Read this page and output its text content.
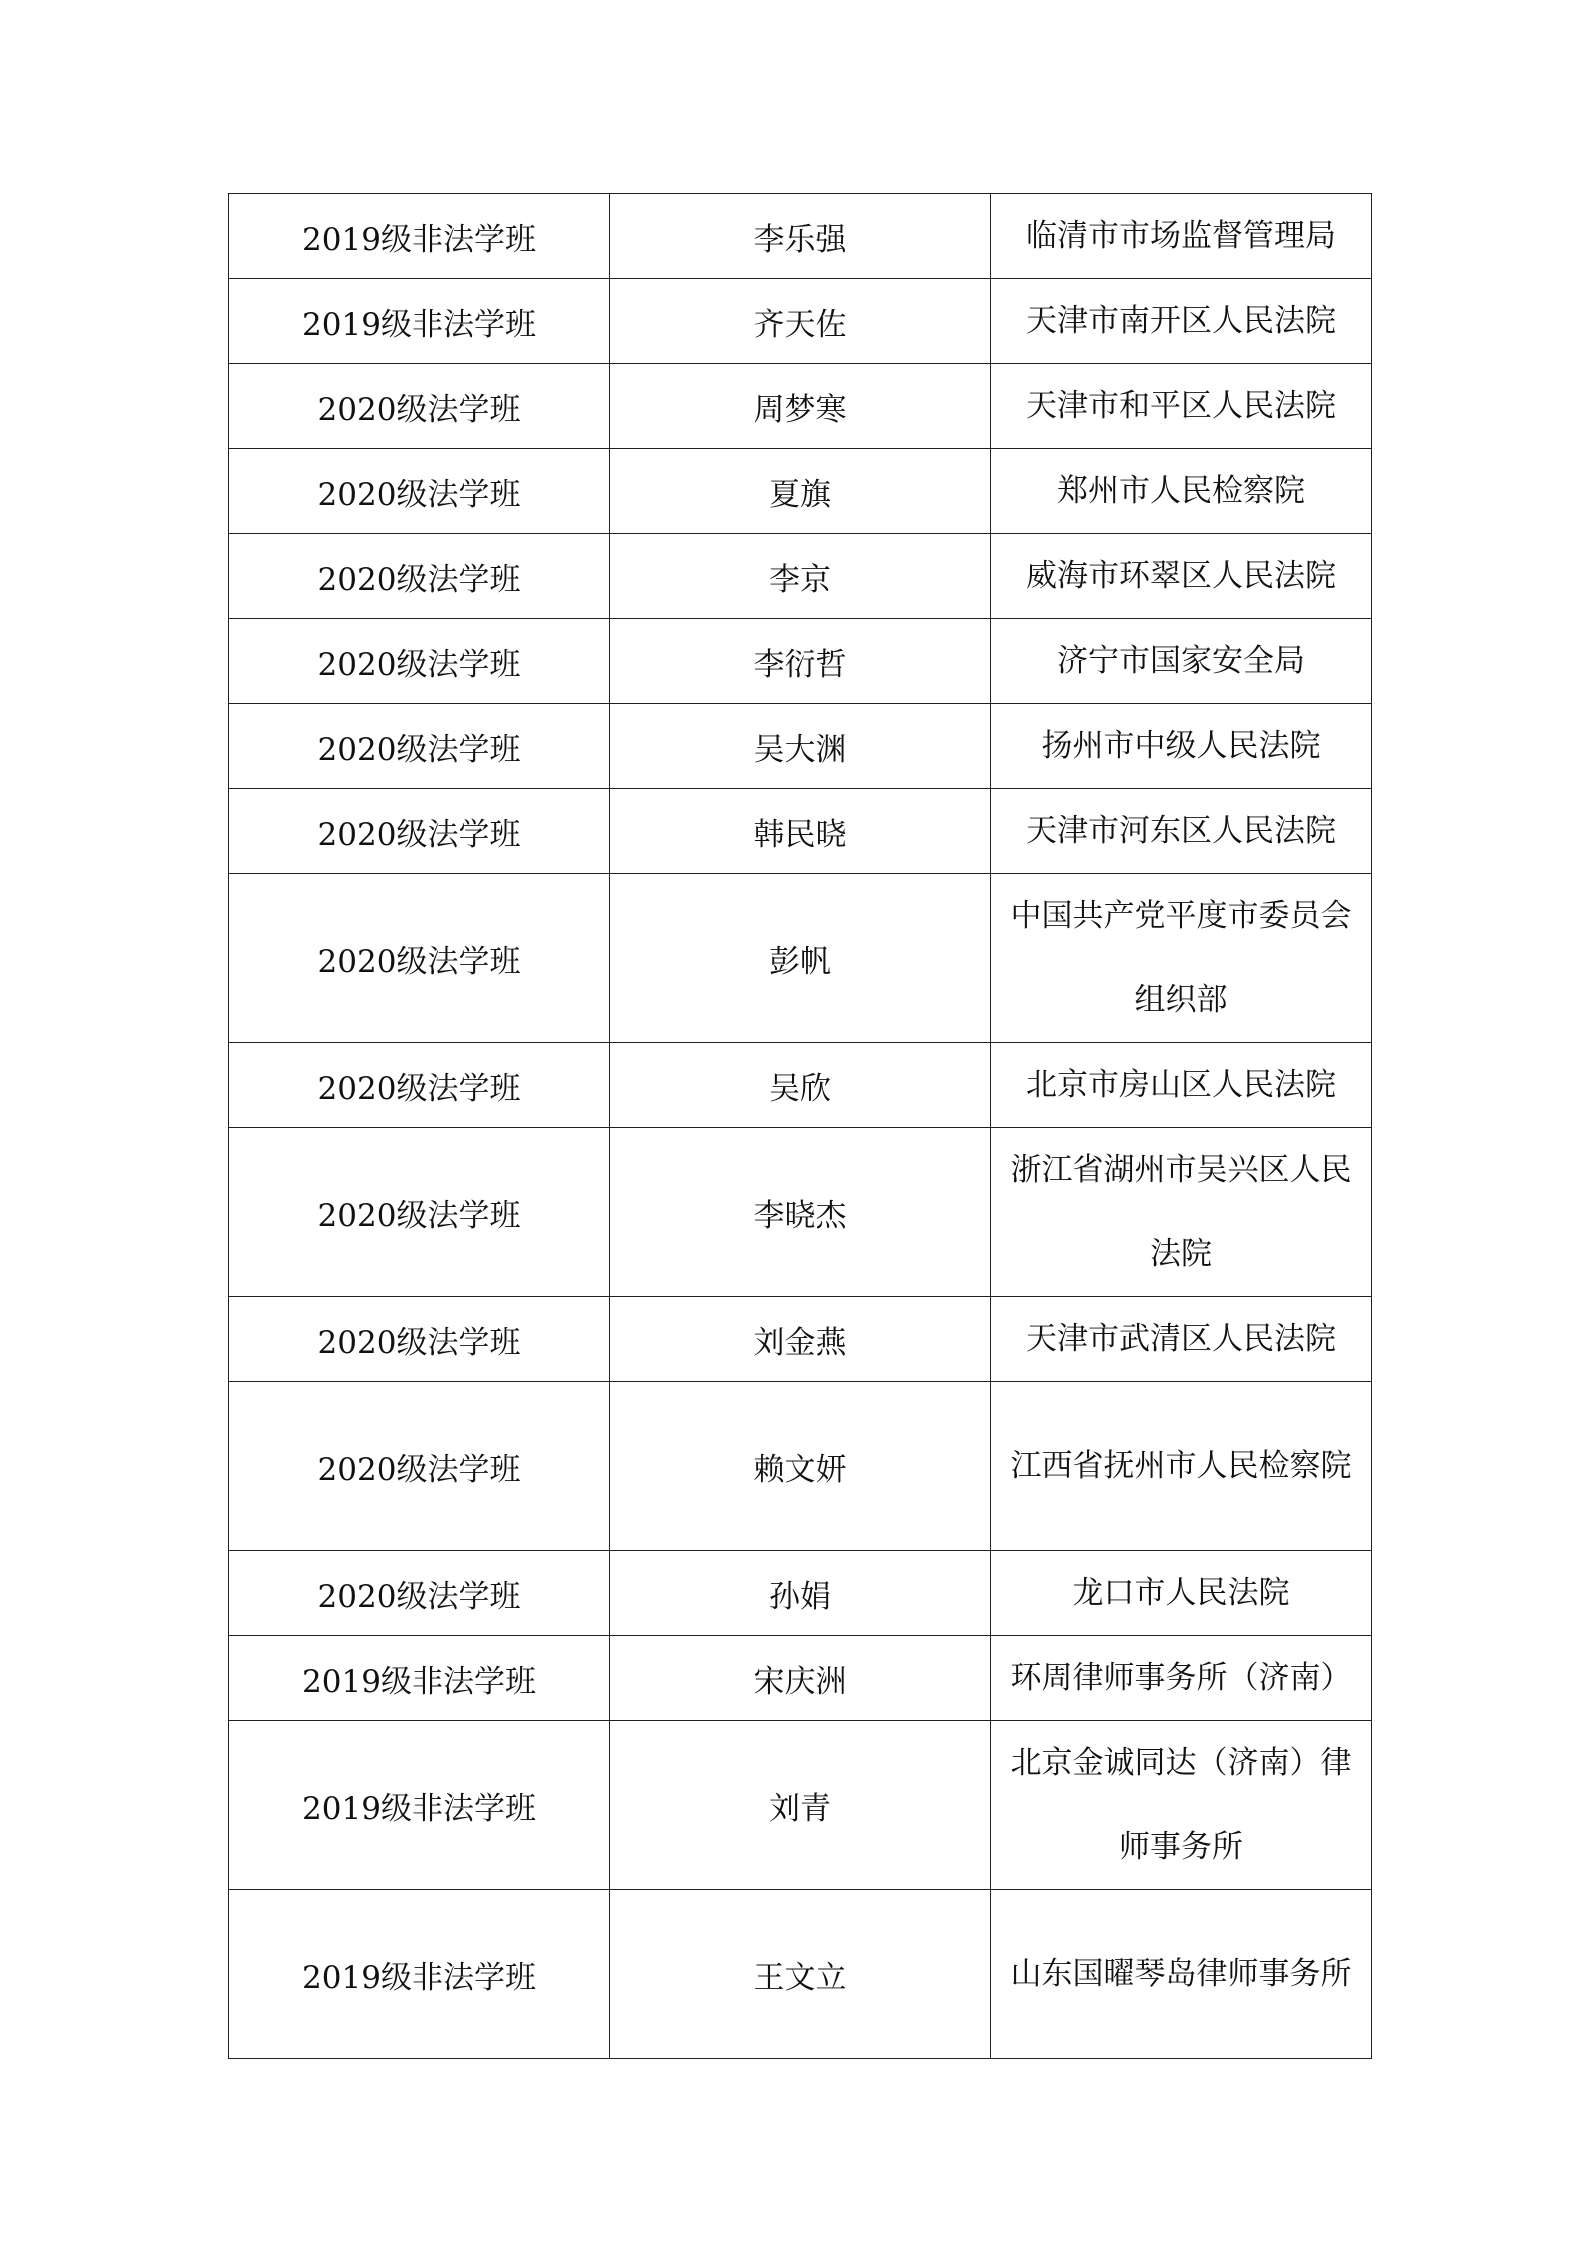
2019级非法学班	李乐强	临清市市场监督管理局
2019级非法学班	齐天佐	天津市南开区人民法院
2020级法学班	周梦寒	天津市和平区人民法院
2020级法学班	夏旗	郑州市人民检察院
2020级法学班	李京	威海市环翠区人民法院
2020级法学班	李衍哲	济宁市国家安全局
2020级法学班	吴大渊	扬州市中级人民法院
2020级法学班	韩民晓	天津市河东区人民法院
2020级法学班	彭帆	中国共产党平度市委员会组织部
2020级法学班	吴欣	北京市房山区人民法院
2020级法学班	李晓杰	浙江省湖州市吴兴区人民法院
2020级法学班	刘金燕	天津市武清区人民法院
2020级法学班	赖文妍	江西省抚州市人民检察院
2020级法学班	孙娟	龙口市人民法院
2019级非法学班	宋庆洲	环周律师事务所（济南）
2019级非法学班	刘青	北京金诚同达（济南）律师事务所
2019级非法学班	王文立	山东国曜琴岛律师事务所
